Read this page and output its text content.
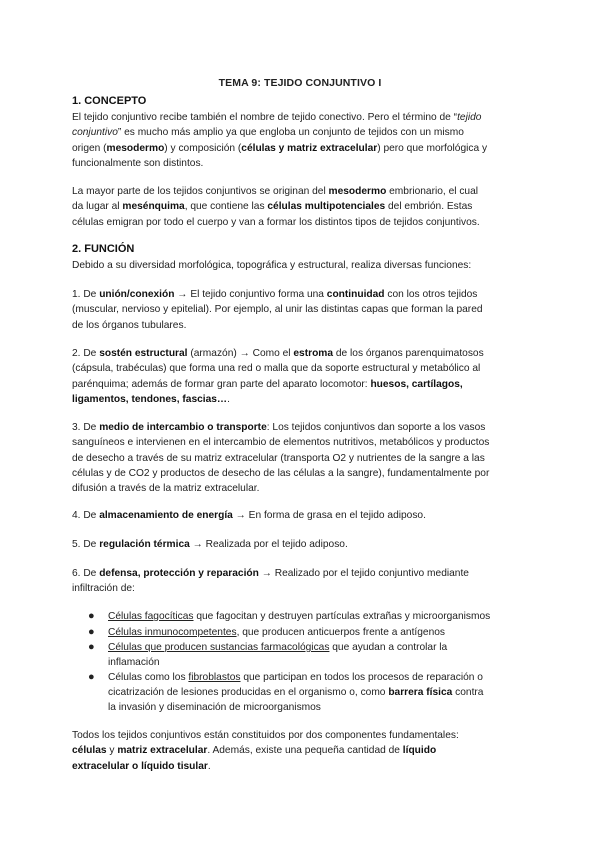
TEMA 9: TEJIDO CONJUNTIVO I
1. CONCEPTO
El tejido conjuntivo recibe también el nombre de tejido conectivo. Pero el término de “tejido
conjuntivo” es mucho más amplio ya que engloba un conjunto de tejidos con un mismo
origen (mesodermo) y composición (células y matriz extracelular) pero que morfológica y
funcionalmente son distintos.
La mayor parte de los tejidos conjuntivos se originan del mesodermo embrionario, el cual
da lugar al mesénquima, que contiene las células multipotenciales del embrión. Estas
células emigran por todo el cuerpo y van a formar los distintos tipos de tejidos conjuntivos.
2. FUNCIÓN
Debido a su diversidad morfológica, topográfica y estructural, realiza diversas funciones:
1. De unión/conexión → El tejido conjuntivo forma una continuidad con los otros tejidos
(muscular, nervioso y epitelial). Por ejemplo, al unir las distintas capas que forman la pared
de los órganos tubulares.
2. De sostén estructural (armazón) → Como el estroma de los órganos parenquimatosos
(cápsula, trabéculas) que forma una red o malla que da soporte estructural y metabólico al
parénquima; además de formar gran parte del aparato locomotor: huesos, cartílagos,
ligamentos, tendones, fascias….
3. De medio de intercambio o transporte: Los tejidos conjuntivos dan soporte a los vasos
sanguíneos e intervienen en el intercambio de elementos nutritivos, metabólicos y productos
de desecho a través de su matriz extracelular (transporta O2 y nutrientes de la sangre a las
células y de CO2 y productos de desecho de las células a la sangre), fundamentalmente por
difusión a través de la matriz extracelular.
4. De almacenamiento de energía → En forma de grasa en el tejido adiposo.
5. De regulación térmica → Realizada por el tejido adiposo.
6. De defensa, protección y reparación → Realizado por el tejido conjuntivo mediante
infiltración de:
●	Células fagocíticas que fagocitan y destruyen partículas extrañas y microorganismos
●	Células inmunocompetentes, que producen anticuerpos frente a antígenos
●	Células que producen sustancias farmacológicas que ayudan a controlar la
inflamación
●	Células como los fibroblastos que participan en todos los procesos de reparación o
cicatrización de lesiones producidas en el organismo o, como barrera física contra
la invasión y diseminación de microorganismos
Todos los tejidos conjuntivos están constituidos por dos componentes fundamentales:
células y matriz extracelular. Además, existe una pequeña cantidad de líquido
extracelular o líquido tisular.
